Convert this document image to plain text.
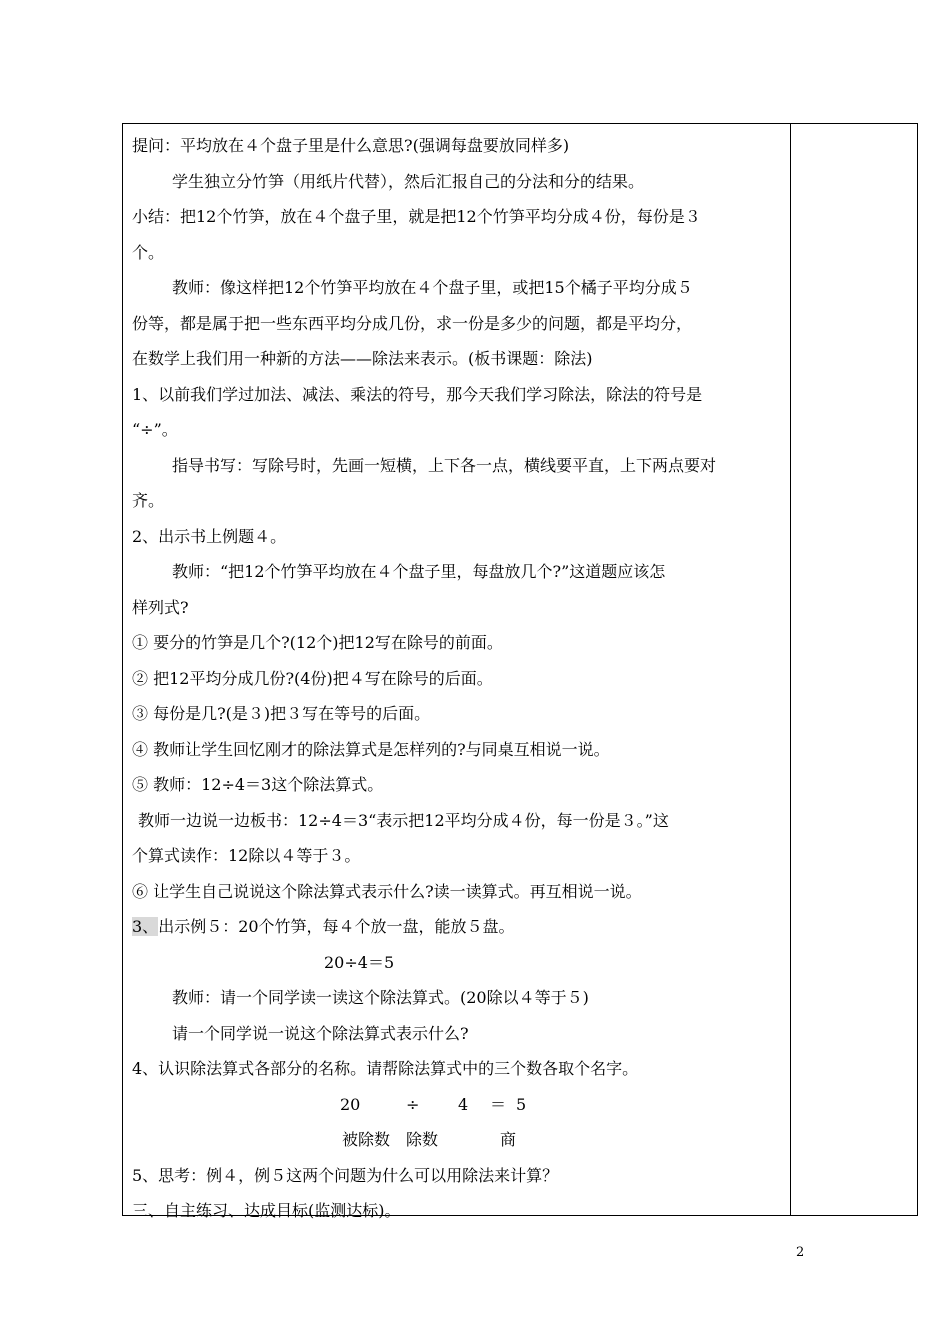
提问：平均放在４个盘子里是什么意思?(强调每盘要放同样多)
学生独立分竹笋（用纸片代替），然后汇报自己的分法和分的结果。
小结：把12个竹笋，放在４个盘子里，就是把12个竹笋平均分成４份，每份是３
个。
教师：像这样把12个竹笋平均放在４个盘子里，或把15个橘子平均分成５
份等，都是属于把一些东西平均分成几份，求一份是多少的问题，都是平均分，
在数学上我们用一种新的方法——除法来表示。(板书课题：除法)
1、以前我们学过加法、减法、乘法的符号，那今天我们学习除法，除法的符号是
“÷”。
指导书写：写除号时，先画一短横，上下各一点，横线要平直，上下两点要对
齐。
2、出示书上例题４。
教师：“把12个竹笋平均放在４个盘子里，每盘放几个?”这道题应该怎
样列式?
① 要分的竹笋是几个?(12个)把12写在除号的前面。
② 把12平均分成几份?(4份)把４写在除号的后面。
③ 每份是几?(是３)把３写在等号的后面。
④ 教师让学生回忆刚才的除法算式是怎样列的?与同桌互相说一说。
⑤ 教师：12÷4＝3这个除法算式。
教师一边说一边板书：12÷4＝3“表示把12平均分成４份，每一份是３。”这
个算式读作：12除以４等于３。
⑥ 让学生自己说说这个除法算式表示什么?读一读算式。再互相说一说。
3、出示例５：20个竹笋，每４个放一盘，能放５盘。
20÷4＝5
教师：请一个同学读一读这个除法算式。(20除以４等于５)
请一个同学说一说这个除法算式表示什么?
4、认识除法算式各部分的名称。请帮除法算式中的三个数各取个名字。
20	÷ 4 ＝ 5
被除数 除数	商
5、思考：例４，例５这两个问题为什么可以用除法来计算？
三、自主练习、达成目标(监测达标)。
2
